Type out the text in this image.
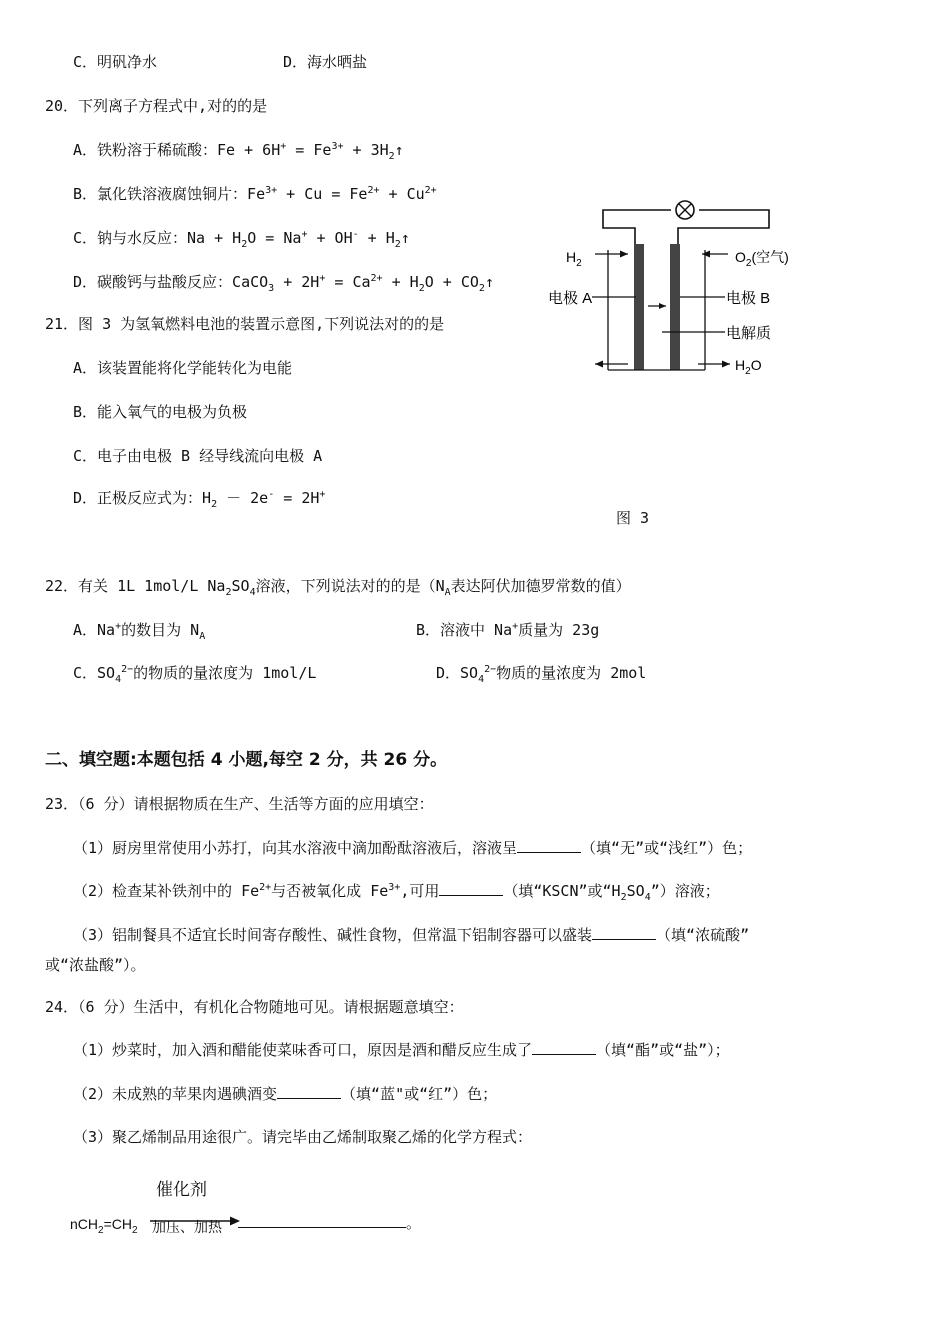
C．明矾净水	D．海水晒盐
20．下列离子方程式中,对的的是
A．铁粉溶于稀硫酸：$Fe + 6H^+ = Fe^{3+}$ + $3H_2↑$
B．氯化铁溶液腐蚀铜片：$Fe^{3+} + Cu = Fe^{2+} + Cu^{2+}$
C．钠与水反应：$Na + H_2O = Na^+ + OH^-$ + $H_2↑$
D．碳酸钙与盐酸反应：CaCO$_3$ + $2H^+ = Ca^{2+} + H_2O$ + $CO_2↑$
21．图 3 为氢氧燃料电池的装置示意图,下列说法对的的是
A．该装置能将化学能转化为电能
B．能入氧气的电极为负极
C．电子由电极 B 经导线流向电极 A
D．正极反应式为：$H_2 - 2e^- = 2H^+$
$H_2$	$O_2$(空气)
电极 A	电极 B
电解质
$H_2O$
图 3
22．有关 1L 1mol/L $Na_2SO_4$溶液，下列说法对的的是（$N_A$表达阿伏加德罗常数的值）
A．Na+的数目为 $N_A$	B．溶液中 Na+质量为 23g
C．$SO_4^{2-}$的物质的量浓度为 1mol/L	D．$SO_4^{2-}$物质的量浓度为 2mol
二、填空题:本题包括 4 小题,每空 2 分，共 26 分。
23．（6 分）请根据物质在生产、生活等方面的应用填空：
（1）厨房里常使用小苏打，向其水溶液中滴加酚酞溶液后，溶液呈	（填“无”或“浅红”）色；
（2）检查某补铁剂中的 $Fe^{2+}$与否被氧化成 $Fe^{3+}$,可用	（填“KSCN”或“$H_2SO_4$”）溶液；
（3）铝制餐具不适宜长时间寄存酸性、碱性食物，但常温下铝制容器可以盛装	（填“浓硫酸”
或“浓盐酸”）。
24．（6 分）生活中，有机化合物随地可见。请根据题意填空：
（1）炒菜时，加入酒和醋能使菜味香可口，原因是酒和醋反应生成了	（填“酯”或“盐”）；
（2）未成熟的苹果肉遇碘酒变	（填“蓝"或“红”）色；
（3）聚乙烯制品用途很广。请完毕由乙烯制取聚乙烯的化学方程式：
催化剂
$nCH_2=CH_2$ 加压、加热	。
